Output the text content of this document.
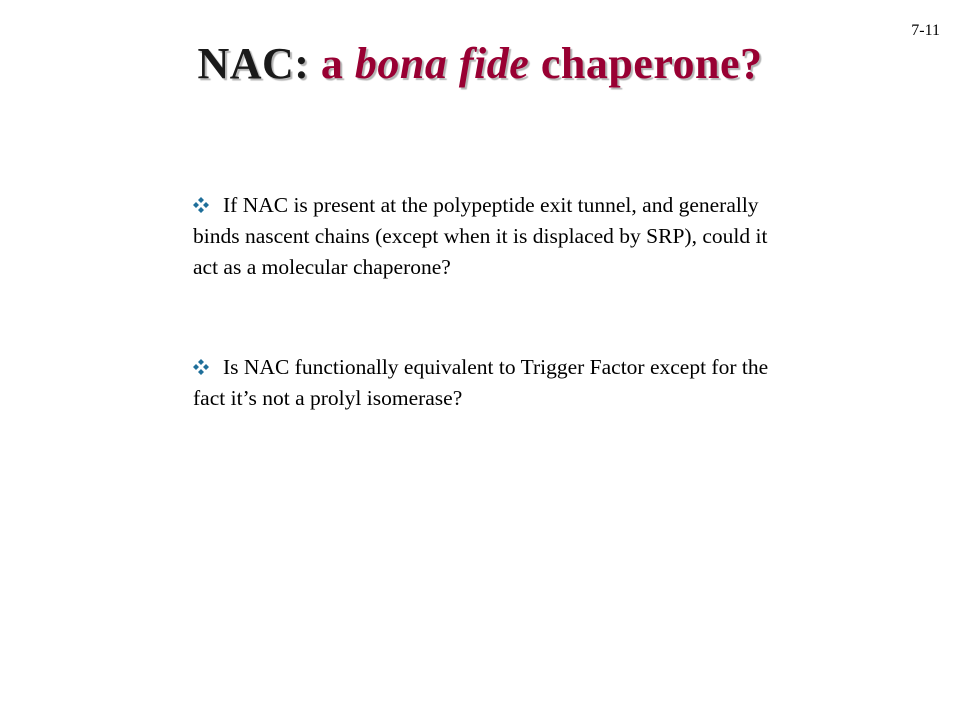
7-11
NAC: a bona fide chaperone?

If NAC is present at the polypeptide exit tunnel, and generally binds nascent chains (except when it is displaced by SRP), could it act as a molecular chaperone?

Is NAC functionally equivalent to Trigger Factor except for the fact it’s not a prolyl isomerase?
